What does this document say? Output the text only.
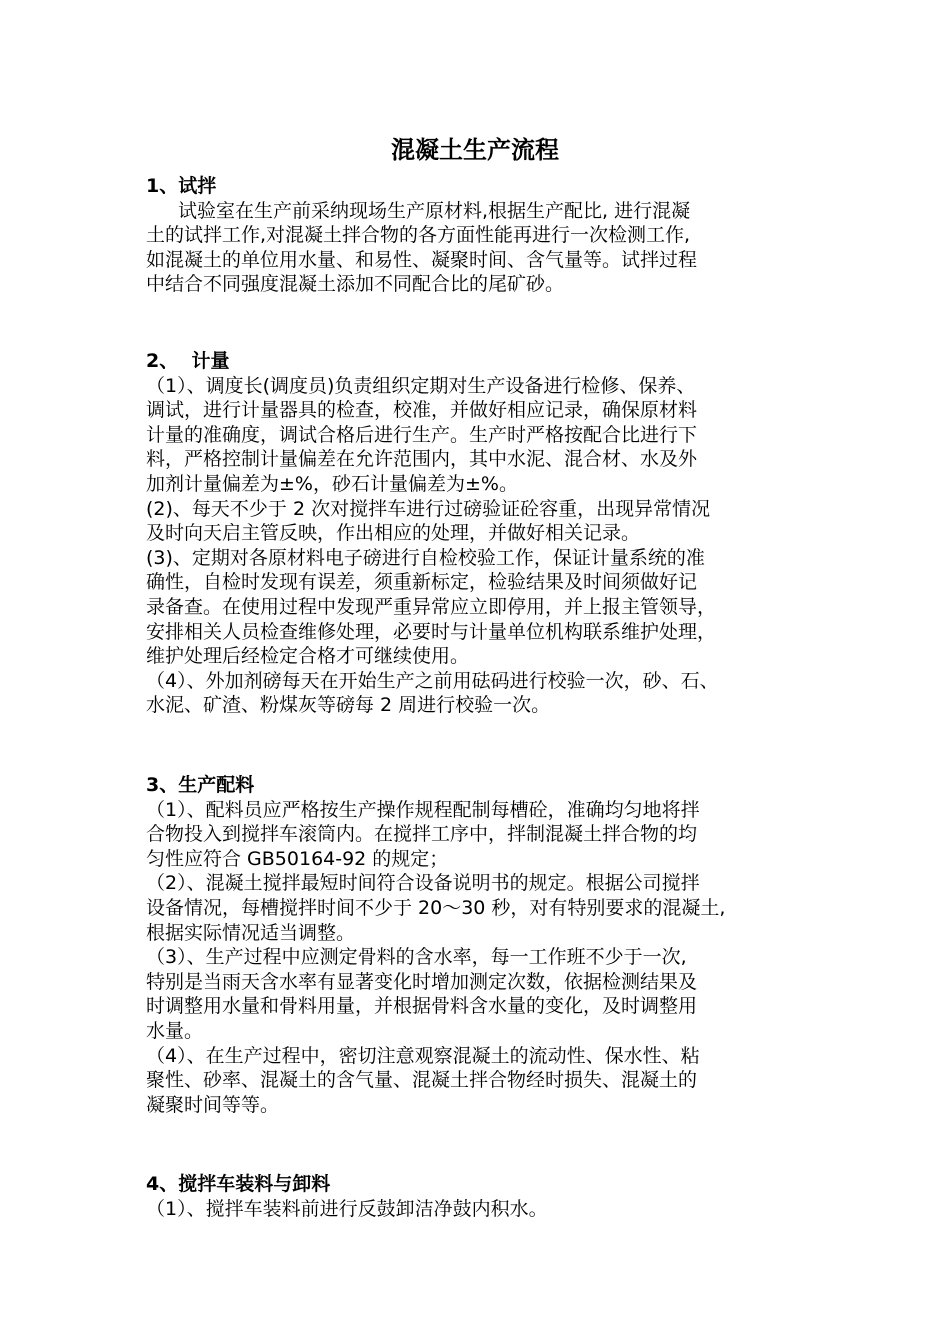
混凝土生产流程

1、试拌

试验室在生产前采纳现场生产原材料,根据生产配比, 进行混凝
土的试拌工作,对混凝土拌合物的各方面性能再进行一次检测工作,
如混凝土的单位用水量、和易性、凝聚时间、含气量等。试拌过程
中结合不同强度混凝土添加不同配合比的尾矿砂。

2、  计量

（1）、调度长(调度员)负责组织定期对生产设备进行检修、保养、
调试，进行计量器具的检查，校准，并做好相应记录，确保原材料
计量的准确度，调试合格后进行生产。生产时严格按配合比进行下
料，严格控制计量偏差在允许范围内，其中水泥、混合材、水及外
加剂计量偏差为±%，砂石计量偏差为±%。

(2)、每天不少于 2 次对搅拌车进行过磅验证砼容重，出现异常情况
及时向天启主管反映，作出相应的处理，并做好相关记录。

(3)、定期对各原材料电子磅进行自检校验工作，保证计量系统的准
确性，自检时发现有误差，须重新标定，检验结果及时间须做好记
录备查。在使用过程中发现严重异常应立即停用，并上报主管领导，
安排相关人员检查维修处理，必要时与计量单位机构联系维护处理，
维护处理后经检定合格才可继续使用。

（4）、外加剂磅每天在开始生产之前用砝码进行校验一次，砂、石、
水泥、矿渣、粉煤灰等磅每 2 周进行校验一次。

3、生产配料

（1）、配料员应严格按生产操作规程配制每槽砼，准确均匀地将拌
合物投入到搅拌车滚筒内。在搅拌工序中，拌制混凝土拌合物的均
匀性应符合 GB50164-92 的规定；

（2）、混凝土搅拌最短时间符合设备说明书的规定。根据公司搅拌
设备情况，每槽搅拌时间不少于 20～30 秒，对有特别要求的混凝土,
根据实际情况适当调整。

（3）、生产过程中应测定骨料的含水率，每一工作班不少于一次,
特别是当雨天含水率有显著变化时增加测定次数，依据检测结果及
时调整用水量和骨料用量，并根据骨料含水量的变化，及时调整用
水量。

（4）、在生产过程中，密切注意观察混凝土的流动性、保水性、粘
聚性、砂率、混凝土的含气量、混凝土拌合物经时损失、混凝土的
凝聚时间等等。

4、搅拌车装料与卸料

（1）、搅拌车装料前进行反鼓卸洁净鼓内积水。
